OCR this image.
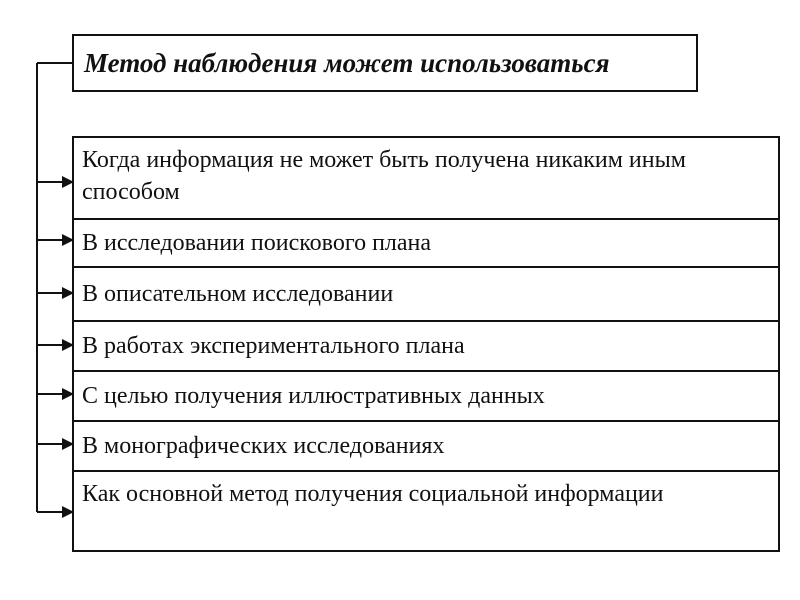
Метод наблюдения может использоваться
Когда информация не может быть получена никаким иным способом
В исследовании поискового плана
В описательном исследовании
В работах экспериментального плана
С целью получения иллюстративных данных
В монографических исследованиях
Как основной метод получения социальной информации
